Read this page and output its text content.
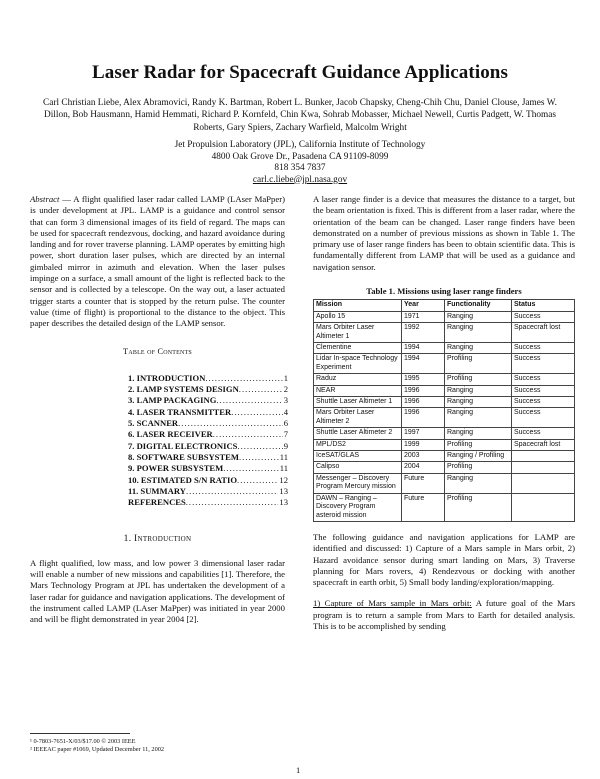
Laser Radar for Spacecraft Guidance Applications
Carl Christian Liebe, Alex Abramovici, Randy K. Bartman, Robert L. Bunker, Jacob Chapsky, Cheng-Chih Chu, Daniel Clouse, James W. Dillon, Bob Hausmann, Hamid Hemmati, Richard P. Kornfeld, Chin Kwa, Sohrab Mobasser, Michael Newell, Curtis Padgett, W. Thomas Roberts, Gary Spiers, Zachary Warfield, Malcolm Wright
Jet Propulsion Laboratory (JPL), California Institute of Technology
4800 Oak Grove Dr., Pasadena CA 91109-8099
818 354 7837
carl.c.liebe@jpl.nasa.gov

Abstract — A flight qualified laser radar called LAMP (LAser MaPper) is under development at JPL. LAMP is a guidance and control sensor that can form 3 dimensional images of its field of regard. The maps can be used for spacecraft rendezvous, docking, and hazard avoidance during landing and for rover traverse planning. LAMP operates by emitting high power, short duration laser pulses, which are directed by an internal gimbaled mirror in azimuth and elevation. When the laser pulses impinge on a surface, a small amount of the light is reflected back to the sensor and is collected by a telescope. On the way out, a laser actuated trigger starts a counter that is stopped by the return pulse. The counter value (time of flight) is proportional to the distance to the object. This paper describes the detailed design of the LAMP sensor.

Table of Contents
1. INTRODUCTION .....	1
2. LAMP SYSTEMS DESIGN .....	2
3. LAMP PACKAGING .....	3
4. LASER TRANSMITTER .....	4
5. SCANNER .....	6
6. LASER RECEIVER .....	7
7. DIGITAL ELECTRONICS .....	9
8. SOFTWARE SUBSYSTEM .....	11
9. POWER SUBSYSTEM .....	11
10. ESTIMATED S/N RATIO .....	12
11. SUMMARY .....	13
REFERENCES .....	13
1. Introduction

A flight qualified, low mass, and low power 3 dimensional laser radar will enable a number of new missions and capabilities [1]. Therefore, the Mars Technology Program at JPL has undertaken the development of a laser radar for guidance and navigation applications. The development of the instrument called LAMP (LAser MaPper) was initiated in year 2000 and will be flight demonstrated in year 2004 [2].

¹ 0-7803-7651-X/03/$17.00 © 2003 IEEE
² IEEEAC paper #1069, Updated December 11, 2002

A laser range finder is a device that measures the distance to a target, but the beam orientation is fixed. This is different from a laser radar, where the orientation of the beam can be changed. Laser range finders have been demonstrated on a number of previous missions as shown in Table 1. The primary use of laser range finders has been to obtain scientific data. This is fundamentally different from LAMP that will be used as a guidance and navigation sensor.

Table 1. Missions using laser range finders
Mission	Year	Functionality	Status
Apollo 15	1971	Ranging	Success
Mars Orbiter Laser Altimeter 1	1992	Ranging	Spacecraft lost
Clementine	1994	Ranging	Success
Lidar In-space Technology Experiment	1994	Profiling	Success
Raduz	1995	Profiling	Success
NEAR	1996	Ranging	Success
Shuttle Laser Altimeter 1	1996	Ranging	Success
Mars Orbiter Laser Altimeter 2	1996	Ranging	Success
Shuttle Laser Altimeter 2	1997	Ranging	Success
MPL/DS2	1999	Profiling	Spacecraft lost
IceSAT/GLAS	2003	Ranging / Profiling	
Calipso	2004	Profiling	
Messenger – Discovery Program Mercury mission	Future	Ranging	
DAWN – Ranging – Discovery Program asteroid mission	Future	Profiling	

The following guidance and navigation applications for LAMP are identified and discussed: 1) Capture of a Mars sample in Mars orbit, 2) Hazard avoidance sensor during smart landing on Mars, 3) Traverse planning for Mars rovers, 4) Rendezvous or docking with another spacecraft in earth orbit, 5) Small body landing/exploration/mapping.

1) Capture of Mars sample in Mars orbit: A future goal of the Mars program is to return a sample from Mars to Earth for detailed analysis. This is to be accomplished by sending

1
